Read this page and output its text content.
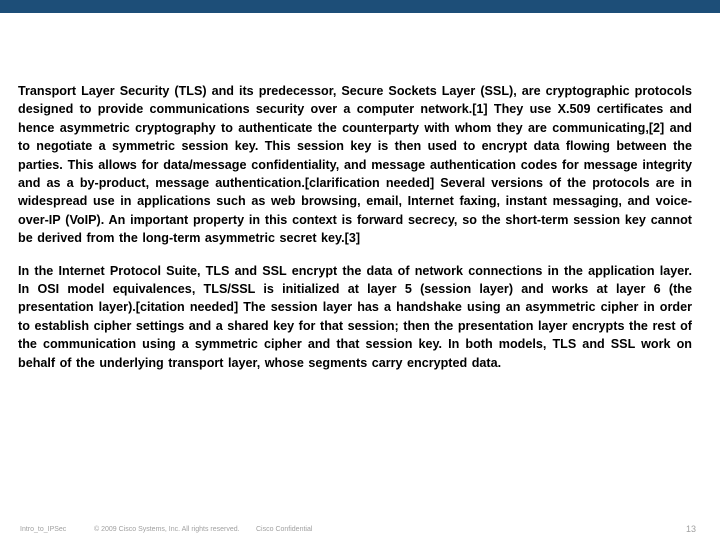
Transport Layer Security (TLS) and its predecessor, Secure Sockets Layer (SSL), are cryptographic protocols designed to provide communications security over a computer network.[1] They use X.509 certificates and hence asymmetric cryptography to authenticate the counterparty with whom they are communicating,[2] and to negotiate a symmetric session key. This session key is then used to encrypt data flowing between the parties. This allows for data/message confidentiality, and message authentication codes for message integrity and as a by-product, message authentication.[clarification needed] Several versions of the protocols are in widespread use in applications such as web browsing, email, Internet faxing, instant messaging, and voice-over-IP (VoIP). An important property in this context is forward secrecy, so the short-term session key cannot be derived from the long-term asymmetric secret key.[3]

In the Internet Protocol Suite, TLS and SSL encrypt the data of network connections in the application layer. In OSI model equivalences, TLS/SSL is initialized at layer 5 (session layer) and works at layer 6 (the presentation layer).[citation needed] The session layer has a handshake using an asymmetric cipher in order to establish cipher settings and a shared key for that session; then the presentation layer encrypts the rest of the communication using a symmetric cipher and that session key. In both models, TLS and SSL work on behalf of the underlying transport layer, whose segments carry encrypted data.

Intro_to_IPSec	© 2009 Cisco Systems, Inc. All rights reserved. Cisco Confidential	13
